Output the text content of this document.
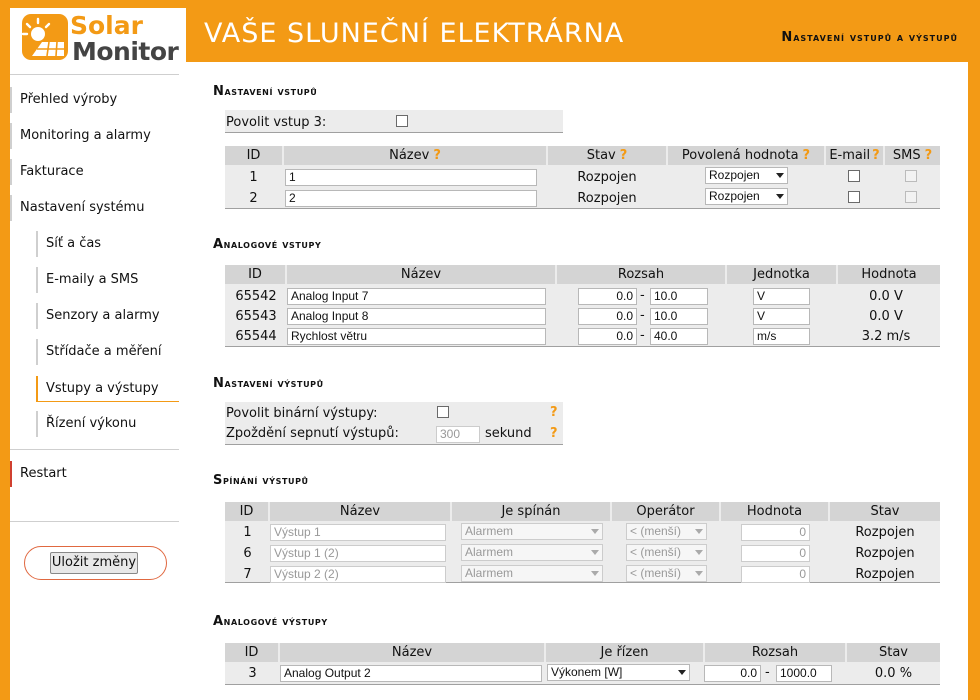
Solar
Monitor
VAŠE SLUNEČNÍ ELEKTRÁRNA	Nastavení vstupů a výstupů
Přehled výroby
Monitoring a alarmy
Fakturace
Nastavení systému
Síť a čas
E-maily a SMS
Senzory a alarmy
Střídače a měření
Vstupy a výstupy
Řízení výkonu
Restart
Uložit změny
Nastavení vstupů
Povolit vstup 3:
ID	Název ?	Stav ?	Povolená hodnota ?	E-mail ?	SMS ?
1	1	Rozpojen	Rozpojen
2	2	Rozpojen	Rozpojen
Analogové vstupy
ID	Název	Rozsah	Jednotka	Hodnota
65542	Analog Input 7	0.0 - 10.0	V	0.0 V
65543	Analog Input 8	0.0 - 10.0	V	0.0 V
65544	Rychlost větru	0.0 - 40.0	m/s	3.2 m/s
Nastavení výstupů
Povolit binární výstupy:	?
Zpoždění sepnutí výstupů:	300	sekund ?
Spínání výstupů
ID	Název	Je spínán	Operátor	Hodnota	Stav
1	Výstup 1	Alarmem	< (menší)	0	Rozpojen
6	Výstup 1 (2)	Alarmem	< (menší)	0	Rozpojen
7	Výstup 2 (2)	Alarmem	< (menší)	0	Rozpojen
Analogové výstupy
ID	Název	Je řízen	Rozsah	Stav
3	Analog Output 2	Výkonem [W]	0.0 - 1000.0	0.0 %
